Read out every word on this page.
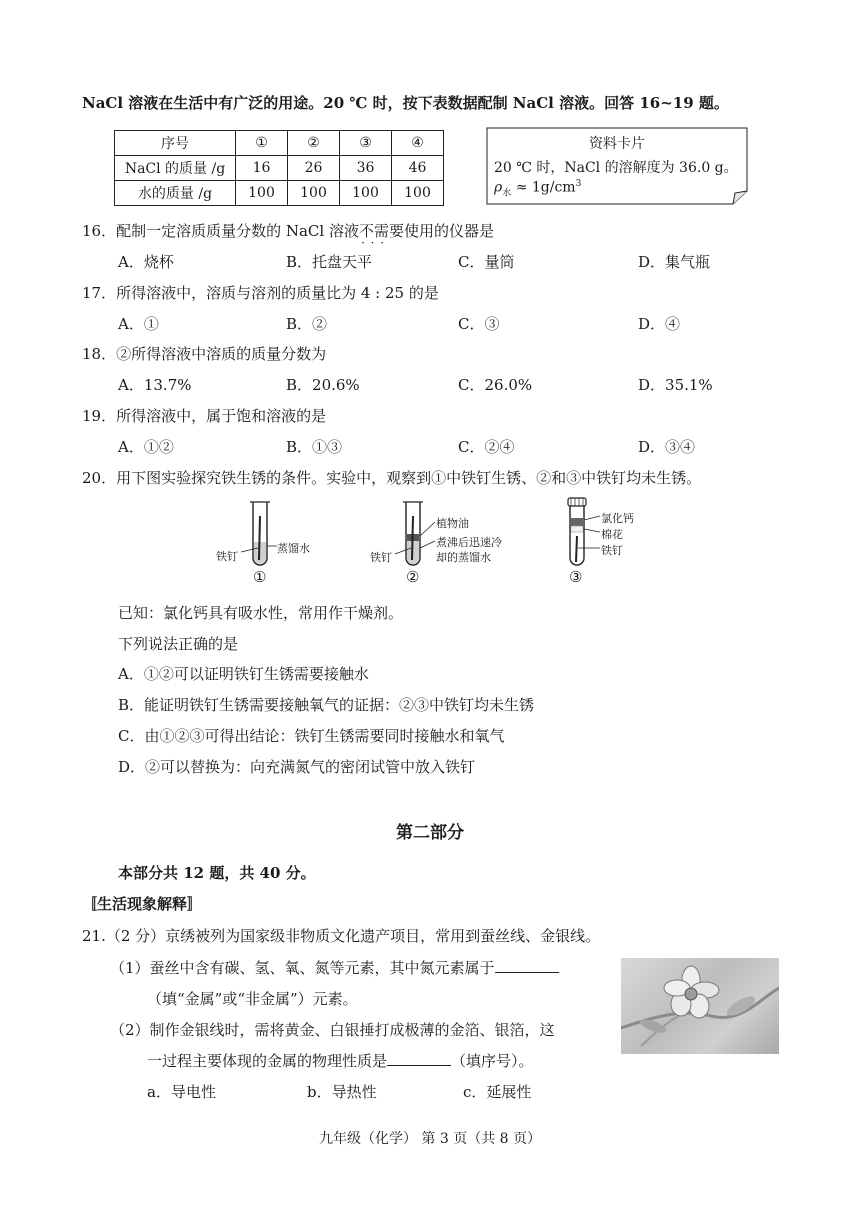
NaCl 溶液在生活中有广泛的用途。20 ℃ 时，按下表数据配制 NaCl 溶液。回答 16~19 题。
序号	①	②	③	④
NaCl 的质量 /g	16	26	36	46
水的质量 /g	100	100	100	100
资料卡片
20 ℃ 时，NaCl 的溶解度为 36.0 g。
$\rho_水 \approx 1g/cm^3$
16．配制一定溶质质量分数的 NaCl 溶液不需要 · · ·使用的仪器是
A．烧杯	B．托盘天平	C．量筒	D．集气瓶
17．所得溶液中，溶质与溶剂的质量比为 4 : 25 的是
A．①	B．②	C．③	D．④
18．②所得溶液中溶质的质量分数为
A．13.7%	B．20.6%	C．26.0%	D．35.1%
19．所得溶液中，属于饱和溶液的是
A．①②	B．①③	C．②④	D．③④
20．用下图实验探究铁生锈的条件。实验中，观察到①中铁钉生锈、②和③中铁钉均未生锈。
蒸馏水
铁钉
①
植物油
煮沸后迅速冷
却的蒸馏水
铁钉
②
氯化钙
棉花
铁钉
③
已知：氯化钙具有吸水性，常用作干燥剂。
下列说法正确的是
A．①②可以证明铁钉生锈需要接触水
B．能证明铁钉生锈需要接触氧气的证据：②③中铁钉均未生锈
C．由①②③可得出结论：铁钉生锈需要同时接触水和氧气
D．②可以替换为：向充满氮气的密闭试管中放入铁钉
第二部分
本部分共 12 题，共 40 分。
〚生活现象解释〛
21.（2 分）京绣被列为国家级非物质文化遗产项目，常用到蚕丝线、金银线。
（1）蚕丝中含有碳、氢、氧、氮等元素，其中氮元素属于
（填“金属”或“非金属”）元素。
（2）制作金银线时，需将黄金、白银捶打成极薄的金箔、银箔，这
一过程主要体现的金属的物理性质是	（填序号）。
a．导电性	b．导热性	c．延展性
九年级（化学） 第 3 页（共 8 页）
